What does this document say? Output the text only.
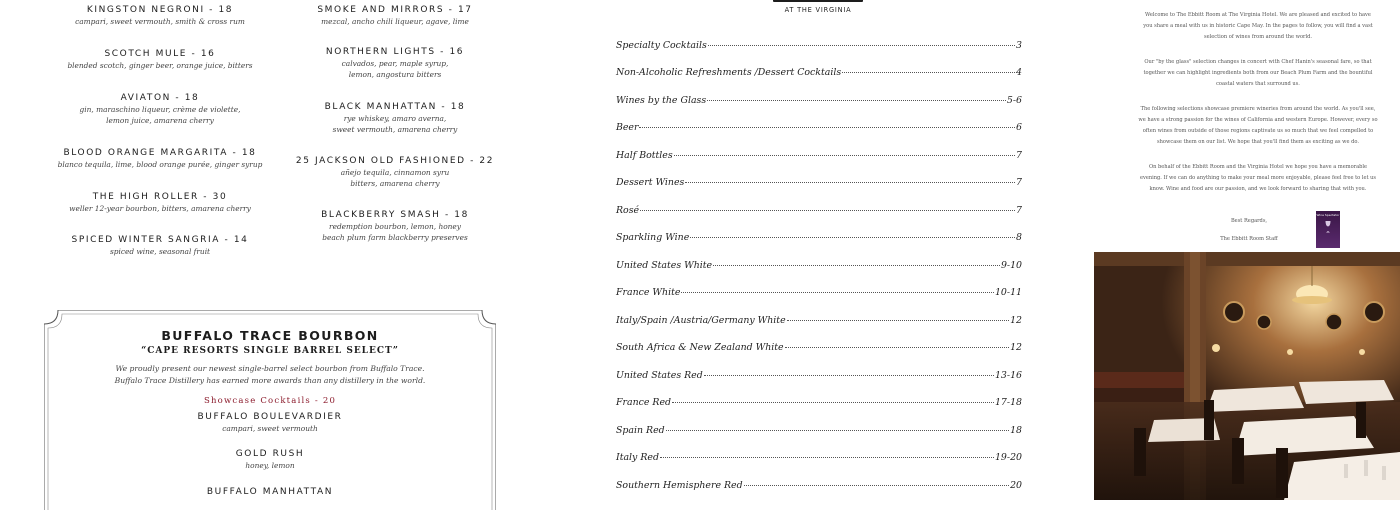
KINGSTON NEGRONI - 18
campari, sweet vermouth, smith & cross rum
SCOTCH MULE - 16
blended scotch, ginger beer, orange juice, bitters
AVIATON - 18
gin, maraschino liqueur, crème de violette,
lemon juice, amarena cherry
BLOOD ORANGE MARGARITA - 18
blanco tequila, lime, blood orange purée, ginger syrup
THE HIGH ROLLER - 30
weller 12-year bourbon, bitters, amarena cherry
SPICED WINTER SANGRIA - 14
spiced wine, seasonal fruit
SMOKE AND MIRRORS - 17
mezcal, ancho chili liqueur, agave, lime
NORTHERN LIGHTS - 16
calvados, pear, maple syrup,
lemon, angostura bitters
BLACK MANHATTAN - 18
rye whiskey, amaro averna,
sweet vermouth, amarena cherry
25 JACKSON OLD FASHIONED - 22
añejo tequila, cinnamon syru
bitters, amarena cherry
BLACKBERRY SMASH - 18
redemption bourbon, lemon, honey
beach plum farm blackberry preserves
BUFFALO TRACE BOURBON
“CAPE RESORTS SINGLE BARREL SELECT”
We proudly present our newest single-barrel select bourbon from Buffalo Trace.
Buffalo Trace Distillery has earned more awards than any distillery in the world.
Showcase Cocktails - 20
BUFFALO BOULEVARDIER
campari, sweet vermouth
GOLD RUSH
honey, lemon
BUFFALO MANHATTAN
AT THE VIRGINIA
Specialty Cocktails	3
Non-Alcoholic Refreshments /Dessert Cocktails	4
Wines by the Glass	5-6
Beer	6
Half Bottles	7
Dessert Wines	7
Rosé	7
Sparkling Wine	8
United States White	9-10
France White	10-11
Italy/Spain /Austria/Germany White	12
South Africa & New Zealand White	12
United States Red	13-16
France Red	17-18
Spain Red	18
Italy Red	19-20
Southern Hemisphere Red	20
Welcome to The Ebbitt Room at The Virginia Hotel. We are pleased and excited to have
you share a meal with us in historic Cape May. In the pages to follow, you will find a vast
selection of wines from around the world.
Our "by the glass" selection changes in concert with Chef Hanin's seasonal fare, so that
together we can highlight ingredients both from our Beach Plum Farm and the bountiful
coastal waters that surround us.
The following selections showcase premiere wineries from around the world. As you'll see,
we have a strong passion for the wines of California and western Europe. However, every so
often wines from outside of those regions captivate us so much that we feel compelled to
showcase them on our list. We hope that you'll find them as exciting as we do.
On behalf of the Ebbitt Room and the Virginia Hotel we hope you have a memorable
evening. If we can do anything to make your meal more enjoyable, please feel free to let us
know. Wine and food are our passion, and we look forward to sharing that with you.
Best Regards,
The Ebbitt Room Staff
Wine Spectator
